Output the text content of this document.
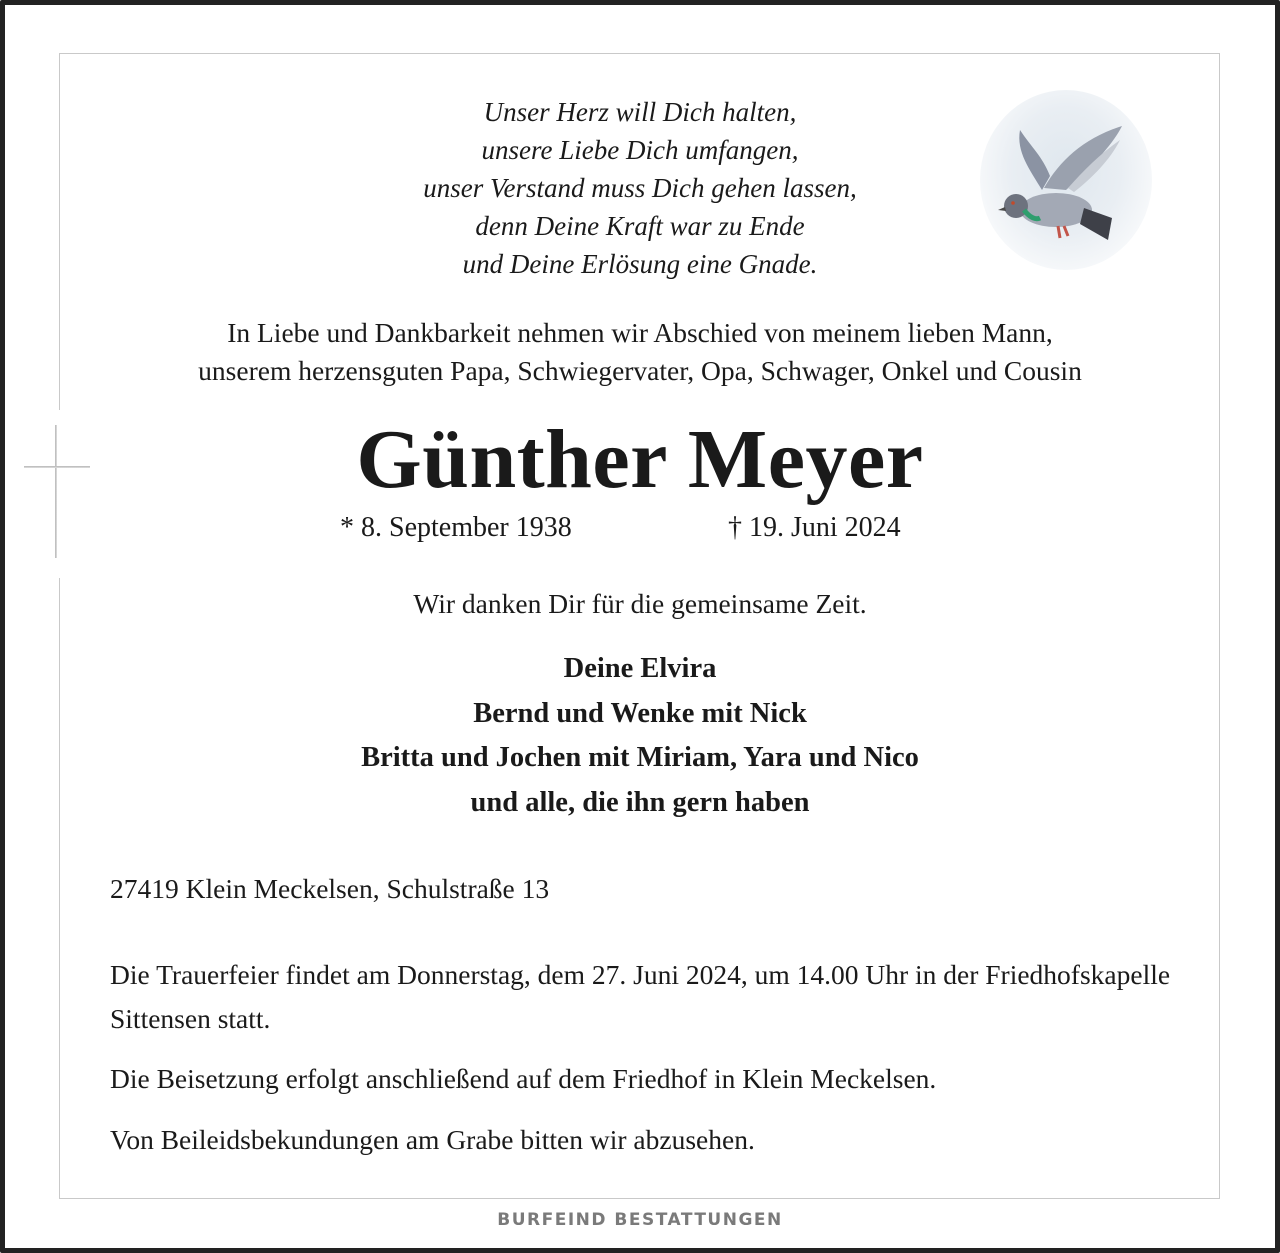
Unser Herz will Dich halten,
unsere Liebe Dich umfangen,
unser Verstand muss Dich gehen lassen,
denn Deine Kraft war zu Ende
und Deine Erlösung eine Gnade.
In Liebe und Dankbarkeit nehmen wir Abschied von meinem lieben Mann,
unserem herzensguten Papa, Schwiegervater, Opa, Schwager, Onkel und Cousin
Günther Meyer
* 8. September 1938	† 19. Juni 2024
Wir danken Dir für die gemeinsame Zeit.
Deine Elvira
Bernd und Wenke mit Nick
Britta und Jochen mit Miriam, Yara und Nico
und alle, die ihn gern haben
27419 Klein Meckelsen, Schulstraße 13
Die Trauerfeier findet am Donnerstag, dem 27. Juni 2024, um 14.00 Uhr in der Friedhofskapelle Sittensen statt.
Die Beisetzung erfolgt anschließend auf dem Friedhof in Klein Meckelsen.
Von Beileidsbekundungen am Grabe bitten wir abzusehen.
BURFEIND BESTATTUNGEN
